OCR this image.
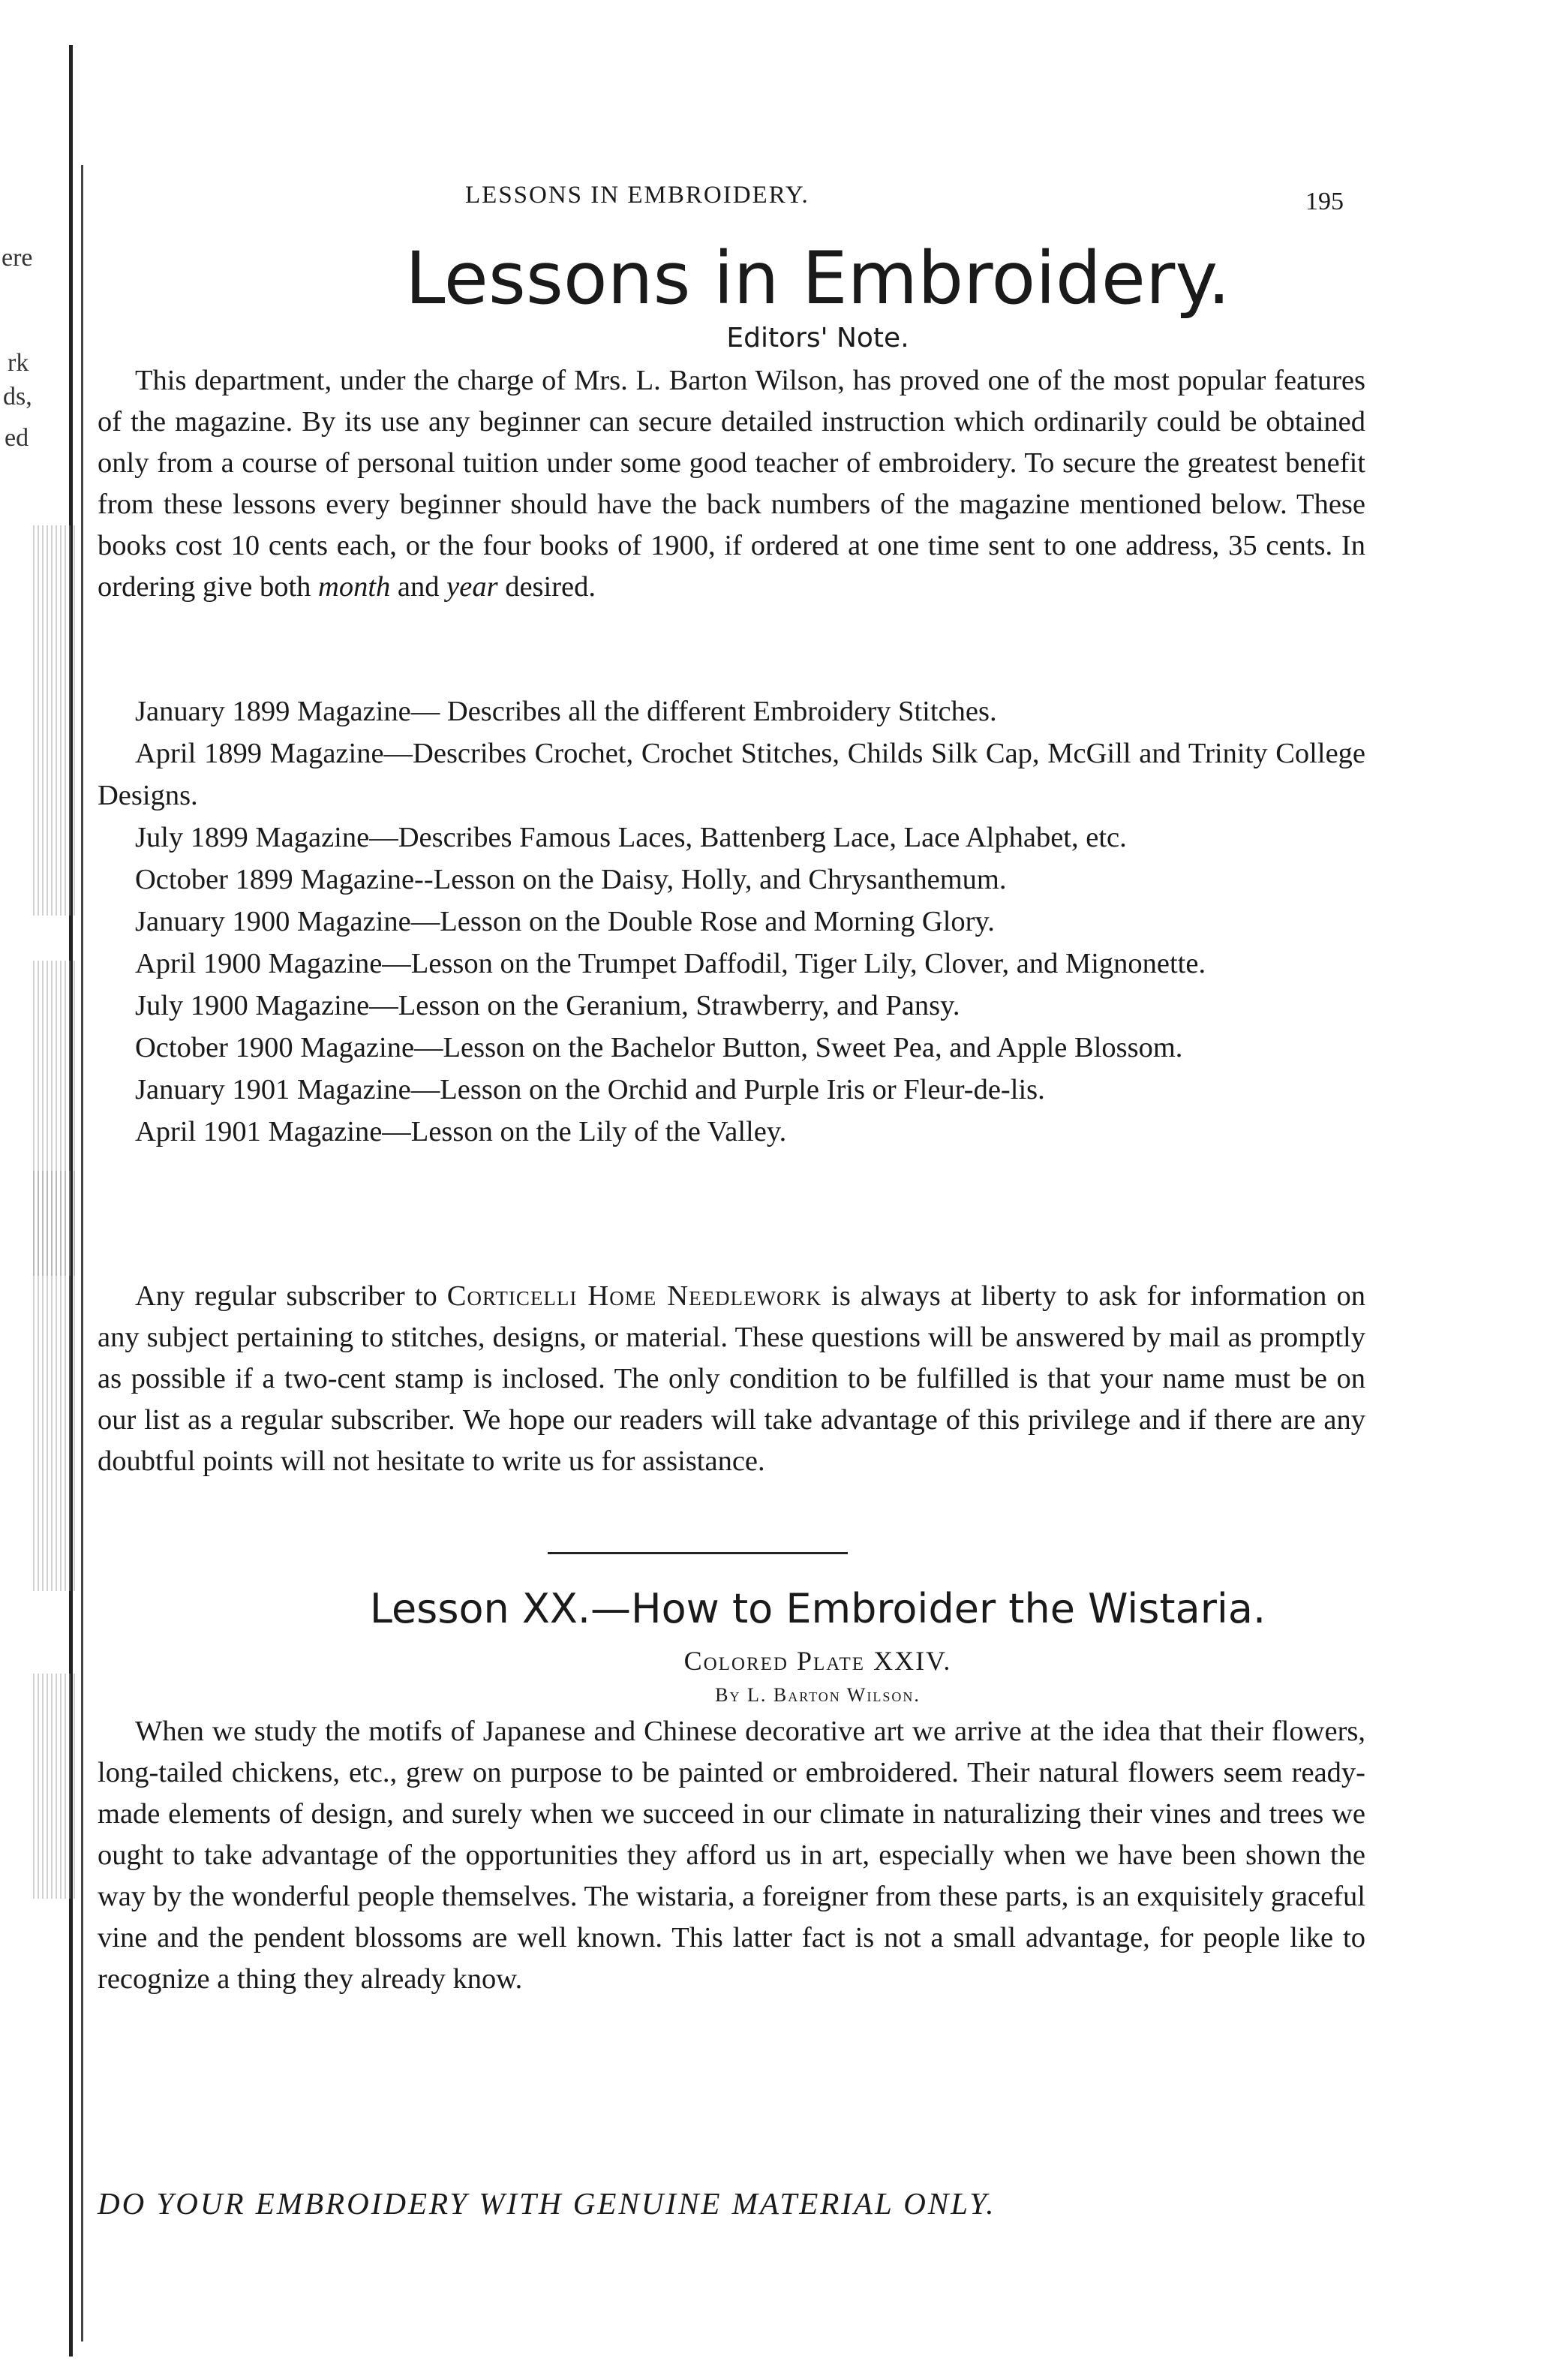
ere
rk
ds,
ed
LESSONS IN EMBROIDERY.	195
Lessons in Embroidery.
Editors' Note.

This department, under the charge of Mrs. L. Barton Wilson, has proved one of the most popular features of the magazine. By its use any beginner can secure detailed instruction which ordinarily could be obtained only from a course of personal tuition under some good teacher of embroidery. To secure the greatest benefit from these lessons every beginner should have the back numbers of the magazine mentioned below. These books cost 10 cents each, or the four books of 1900, if ordered at one time sent to one address, 35 cents. In ordering give both month and year desired.

January 1899 Magazine— Describes all the different Embroidery Stitches.
April 1899 Magazine—Describes Crochet, Crochet Stitches, Childs Silk Cap, McGill and Trinity College Designs.
July 1899 Magazine—Describes Famous Laces, Battenberg Lace, Lace Alphabet, etc.
October 1899 Magazine--Lesson on the Daisy, Holly, and Chrysanthemum.
January 1900 Magazine—Lesson on the Double Rose and Morning Glory.
April 1900 Magazine—Lesson on the Trumpet Daffodil, Tiger Lily, Clover, and Mignonette.
July 1900 Magazine—Lesson on the Geranium, Strawberry, and Pansy.
October 1900 Magazine—Lesson on the Bachelor Button, Sweet Pea, and Apple Blossom.
January 1901 Magazine—Lesson on the Orchid and Purple Iris or Fleur-de-lis.
April 1901 Magazine—Lesson on the Lily of the Valley.

Any regular subscriber to Corticelli Home Needlework is always at liberty to ask for information on any subject pertaining to stitches, designs, or material. These questions will be answered by mail as promptly as possible if a two-cent stamp is inclosed. The only condition to be fulfilled is that your name must be on our list as a regular subscriber. We hope our readers will take advantage of this privilege and if there are any doubtful points will not hesitate to write us for assistance.

Lesson XX.—How to Embroider the Wistaria.
Colored Plate XXIV.
By L. Barton Wilson.

When we study the motifs of Japanese and Chinese decorative art we arrive at the idea that their flowers, long-tailed chickens, etc., grew on purpose to be painted or embroidered. Their natural flowers seem ready-made elements of design, and surely when we succeed in our climate in naturalizing their vines and trees we ought to take advantage of the opportunities they afford us in art, especially when we have been shown the way by the wonderful people themselves. The wistaria, a foreigner from these parts, is an exquisitely graceful vine and the pendent blossoms are well known. This latter fact is not a small advantage, for people like to recognize a thing they already know.

DO YOUR EMBROIDERY WITH GENUINE MATERIAL ONLY.
